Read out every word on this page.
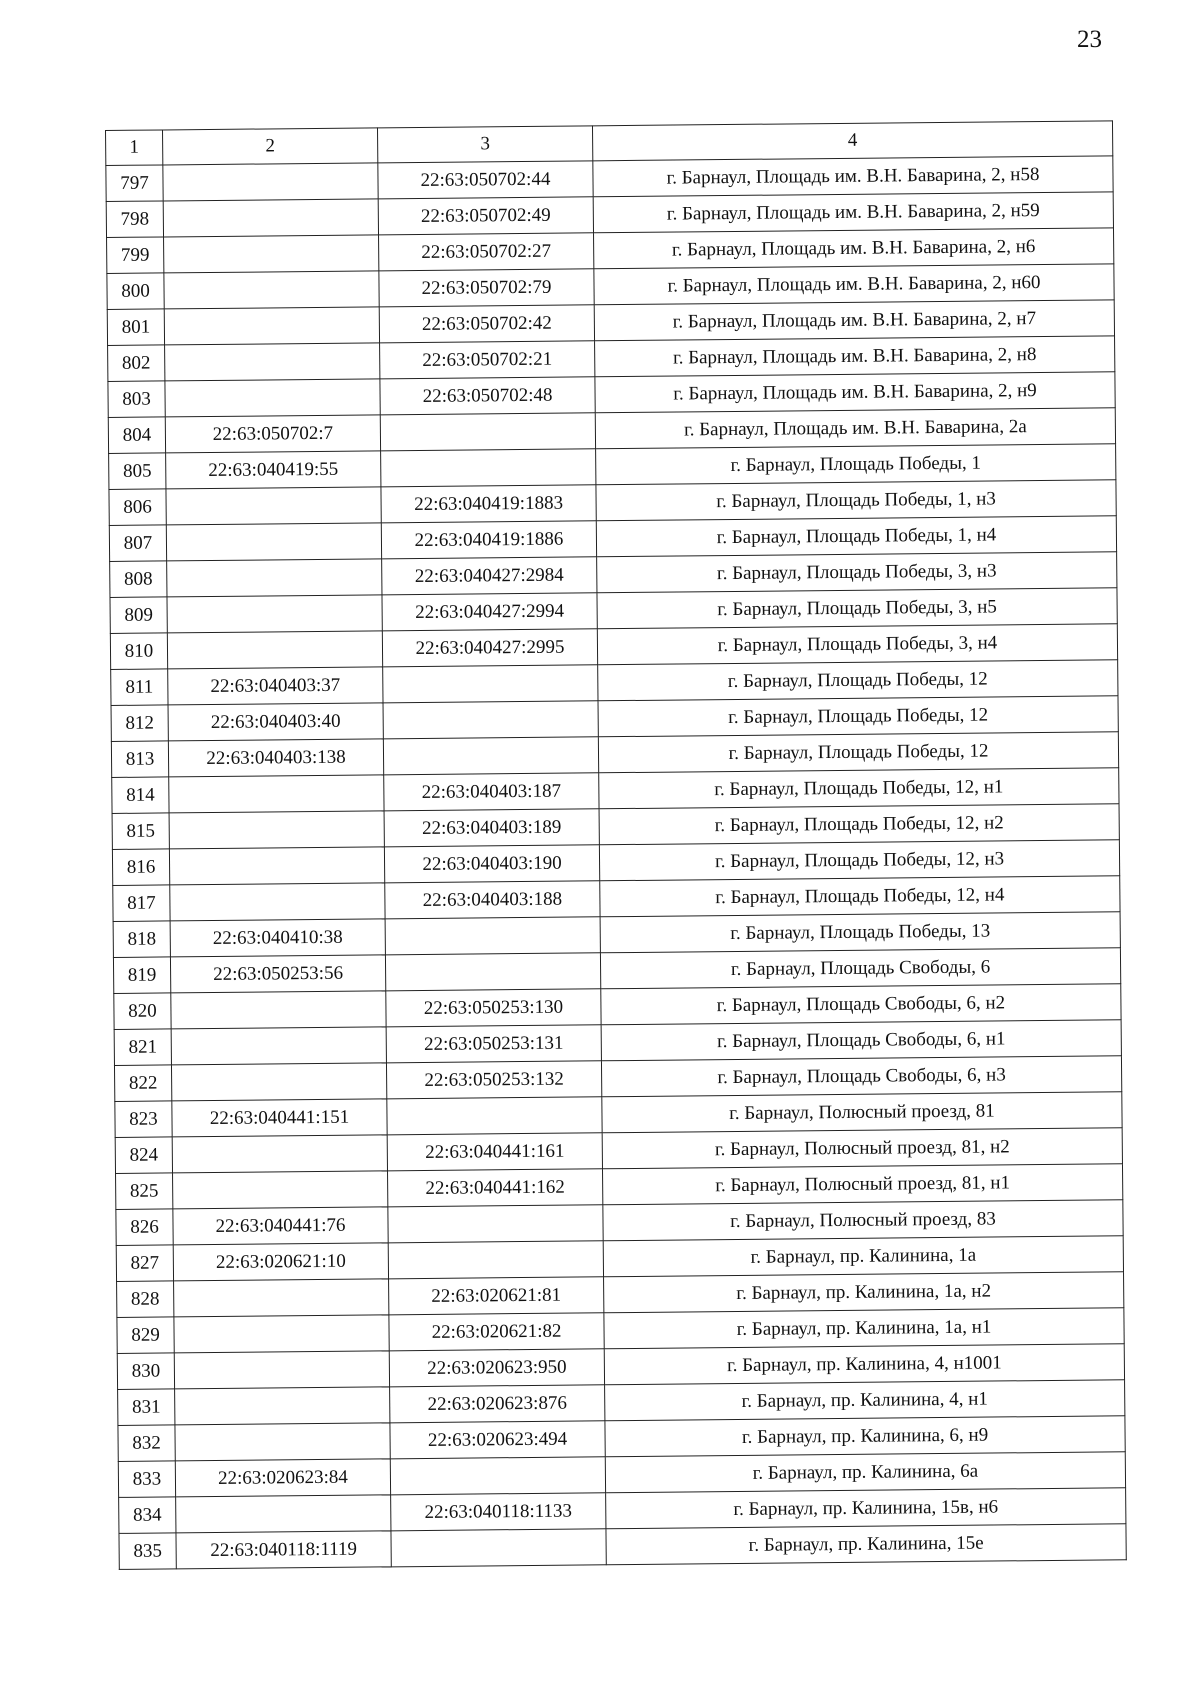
23
1	2	3	4
797		22:63:050702:44	г. Барнаул, Площадь им. В.Н. Баварина, 2, н58
798		22:63:050702:49	г. Барнаул, Площадь им. В.Н. Баварина, 2, н59
799		22:63:050702:27	г. Барнаул, Площадь им. В.Н. Баварина, 2, н6
800		22:63:050702:79	г. Барнаул, Площадь им. В.Н. Баварина, 2, н60
801		22:63:050702:42	г. Барнаул, Площадь им. В.Н. Баварина, 2, н7
802		22:63:050702:21	г. Барнаул, Площадь им. В.Н. Баварина, 2, н8
803		22:63:050702:48	г. Барнаул, Площадь им. В.Н. Баварина, 2, н9
804	22:63:050702:7		г. Барнаул, Площадь им. В.Н. Баварина, 2а
805	22:63:040419:55		г. Барнаул, Площадь Победы, 1
806		22:63:040419:1883	г. Барнаул, Площадь Победы, 1, н3
807		22:63:040419:1886	г. Барнаул, Площадь Победы, 1, н4
808		22:63:040427:2984	г. Барнаул, Площадь Победы, 3, н3
809		22:63:040427:2994	г. Барнаул, Площадь Победы, 3, н5
810		22:63:040427:2995	г. Барнаул, Площадь Победы, 3, н4
811	22:63:040403:37		г. Барнаул, Площадь Победы, 12
812	22:63:040403:40		г. Барнаул, Площадь Победы, 12
813	22:63:040403:138		г. Барнаул, Площадь Победы, 12
814		22:63:040403:187	г. Барнаул, Площадь Победы, 12, н1
815		22:63:040403:189	г. Барнаул, Площадь Победы, 12, н2
816		22:63:040403:190	г. Барнаул, Площадь Победы, 12, н3
817		22:63:040403:188	г. Барнаул, Площадь Победы, 12, н4
818	22:63:040410:38		г. Барнаул, Площадь Победы, 13
819	22:63:050253:56		г. Барнаул, Площадь Свободы, 6
820		22:63:050253:130	г. Барнаул, Площадь Свободы, 6, н2
821		22:63:050253:131	г. Барнаул, Площадь Свободы, 6, н1
822		22:63:050253:132	г. Барнаул, Площадь Свободы, 6, н3
823	22:63:040441:151		г. Барнаул, Полюсный проезд, 81
824		22:63:040441:161	г. Барнаул, Полюсный проезд, 81, н2
825		22:63:040441:162	г. Барнаул, Полюсный проезд, 81, н1
826	22:63:040441:76		г. Барнаул, Полюсный проезд, 83
827	22:63:020621:10		г. Барнаул, пр. Калинина, 1а
828		22:63:020621:81	г. Барнаул, пр. Калинина, 1а, н2
829		22:63:020621:82	г. Барнаул, пр. Калинина, 1а, н1
830		22:63:020623:950	г. Барнаул, пр. Калинина, 4, н1001
831		22:63:020623:876	г. Барнаул, пр. Калинина, 4, н1
832		22:63:020623:494	г. Барнаул, пр. Калинина, 6, н9
833	22:63:020623:84		г. Барнаул, пр. Калинина, 6а
834		22:63:040118:1133	г. Барнаул, пр. Калинина, 15в, н6
835	22:63:040118:1119		г. Барнаул, пр. Калинина, 15е
